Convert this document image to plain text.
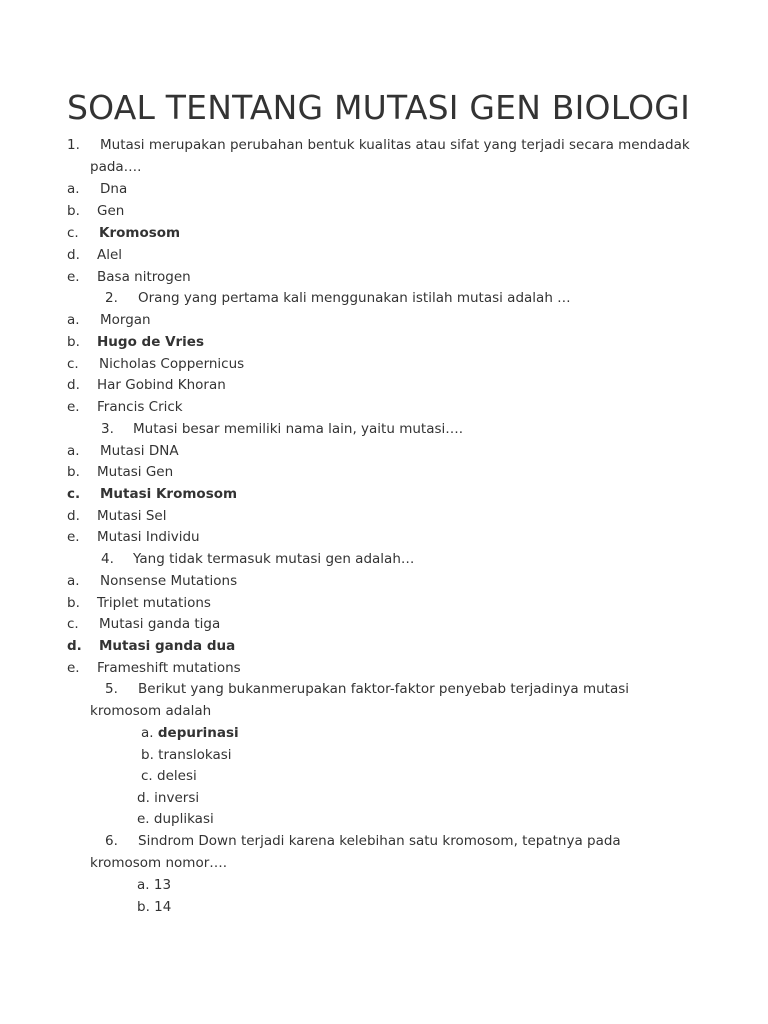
SOAL TENTANG MUTASI GEN BIOLOGI
1. Mutasi merupakan perubahan bentuk kualitas atau sifat yang terjadi secara mendadak
pada….
a. Dna
b. Gen
c. Kromosom
d. Alel
e. Basa nitrogen
2. Orang yang pertama kali menggunakan istilah mutasi adalah …
a. Morgan
b. Hugo de Vries
c. Nicholas Coppernicus
d. Har Gobind Khoran
e. Francis Crick
3. Mutasi besar memiliki nama lain, yaitu mutasi….
a. Mutasi DNA
b. Mutasi Gen
c. Mutasi Kromosom
d. Mutasi Sel
e. Mutasi Individu
4. Yang tidak termasuk mutasi gen adalah…
a. Nonsense Mutations
b. Triplet mutations
c. Mutasi ganda tiga
d. Mutasi ganda dua
e. Frameshift mutations
5. Berikut yang bukanmerupakan faktor-faktor penyebab terjadinya mutasi
kromosom adalah
a. depurinasi
b. translokasi
c. delesi
d. inversi
e. duplikasi
6. Sindrom Down terjadi karena kelebihan satu kromosom, tepatnya pada
kromosom nomor….
a. 13
b. 14
